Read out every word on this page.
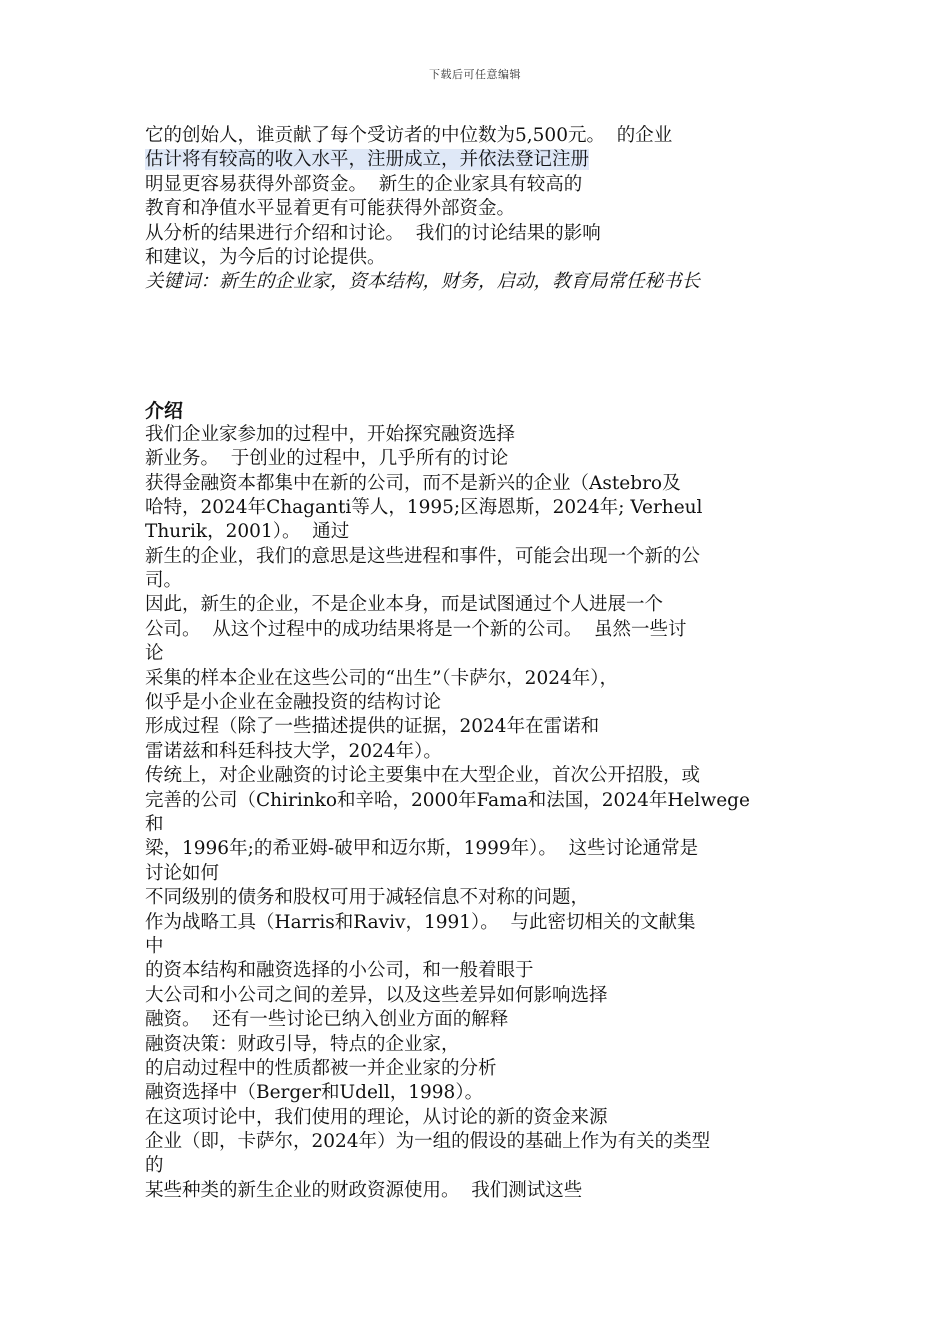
下载后可任意编辑
它的创始人，谁贡献了每个受访者的中位数为5,500元。  的企业
估计将有较高的收入水平，注册成立，并依法登记注册
明显更容易获得外部资金。  新生的企业家具有较高的
教育和净值水平显着更有可能获得外部资金。
从分析的结果进行介绍和讨论。  我们的讨论结果的影响
和建议，为今后的讨论提供。
关键词：新生的企业家，资本结构，财务，启动，教育局常任秘书长
介绍
我们企业家参加的过程中，开始探究融资选择
新业务。  于创业的过程中，几乎所有的讨论
获得金融资本都集中在新的公司，而不是新兴的企业（Astebro及
哈特，2024年Chaganti等人，1995;区海恩斯，2024年; Verheul
Thurik，2001）。  通过
新生的企业，我们的意思是这些进程和事件，可能会出现一个新的公
司。
因此，新生的企业，不是企业本身，而是试图通过个人进展一个
公司。  从这个过程中的成功结果将是一个新的公司。  虽然一些讨
论
采集的样本企业在这些公司的“出生”（卡萨尔，2024年），
似乎是小企业在金融投资的结构讨论
形成过程（除了一些描述提供的证据，2024年在雷诺和
雷诺兹和科廷科技大学，2024年）。
传统上，对企业融资的讨论主要集中在大型企业，首次公开招股，或
完善的公司（Chirinko和辛哈，2000年Fama和法国，2024年Helwege
和
梁，1996年;的希亚姆-破甲和迈尔斯，1999年）。  这些讨论通常是
讨论如何
不同级别的债务和股权可用于减轻信息不对称的问题，
作为战略工具（Harris和Raviv，1991）。  与此密切相关的文献集
中
的资本结构和融资选择的小公司，和一般着眼于
大公司和小公司之间的差异，以及这些差异如何影响选择
融资。  还有一些讨论已纳入创业方面的解释
融资决策：财政引导，特点的企业家，
的启动过程中的性质都被一并企业家的分析
融资选择中（Berger和Udell，1998）。
在这项讨论中，我们使用的理论，从讨论的新的资金来源
企业（即，卡萨尔，2024年）为一组的假设的基础上作为有关的类型
的
某些种类的新生企业的财政资源使用。  我们测试这些
